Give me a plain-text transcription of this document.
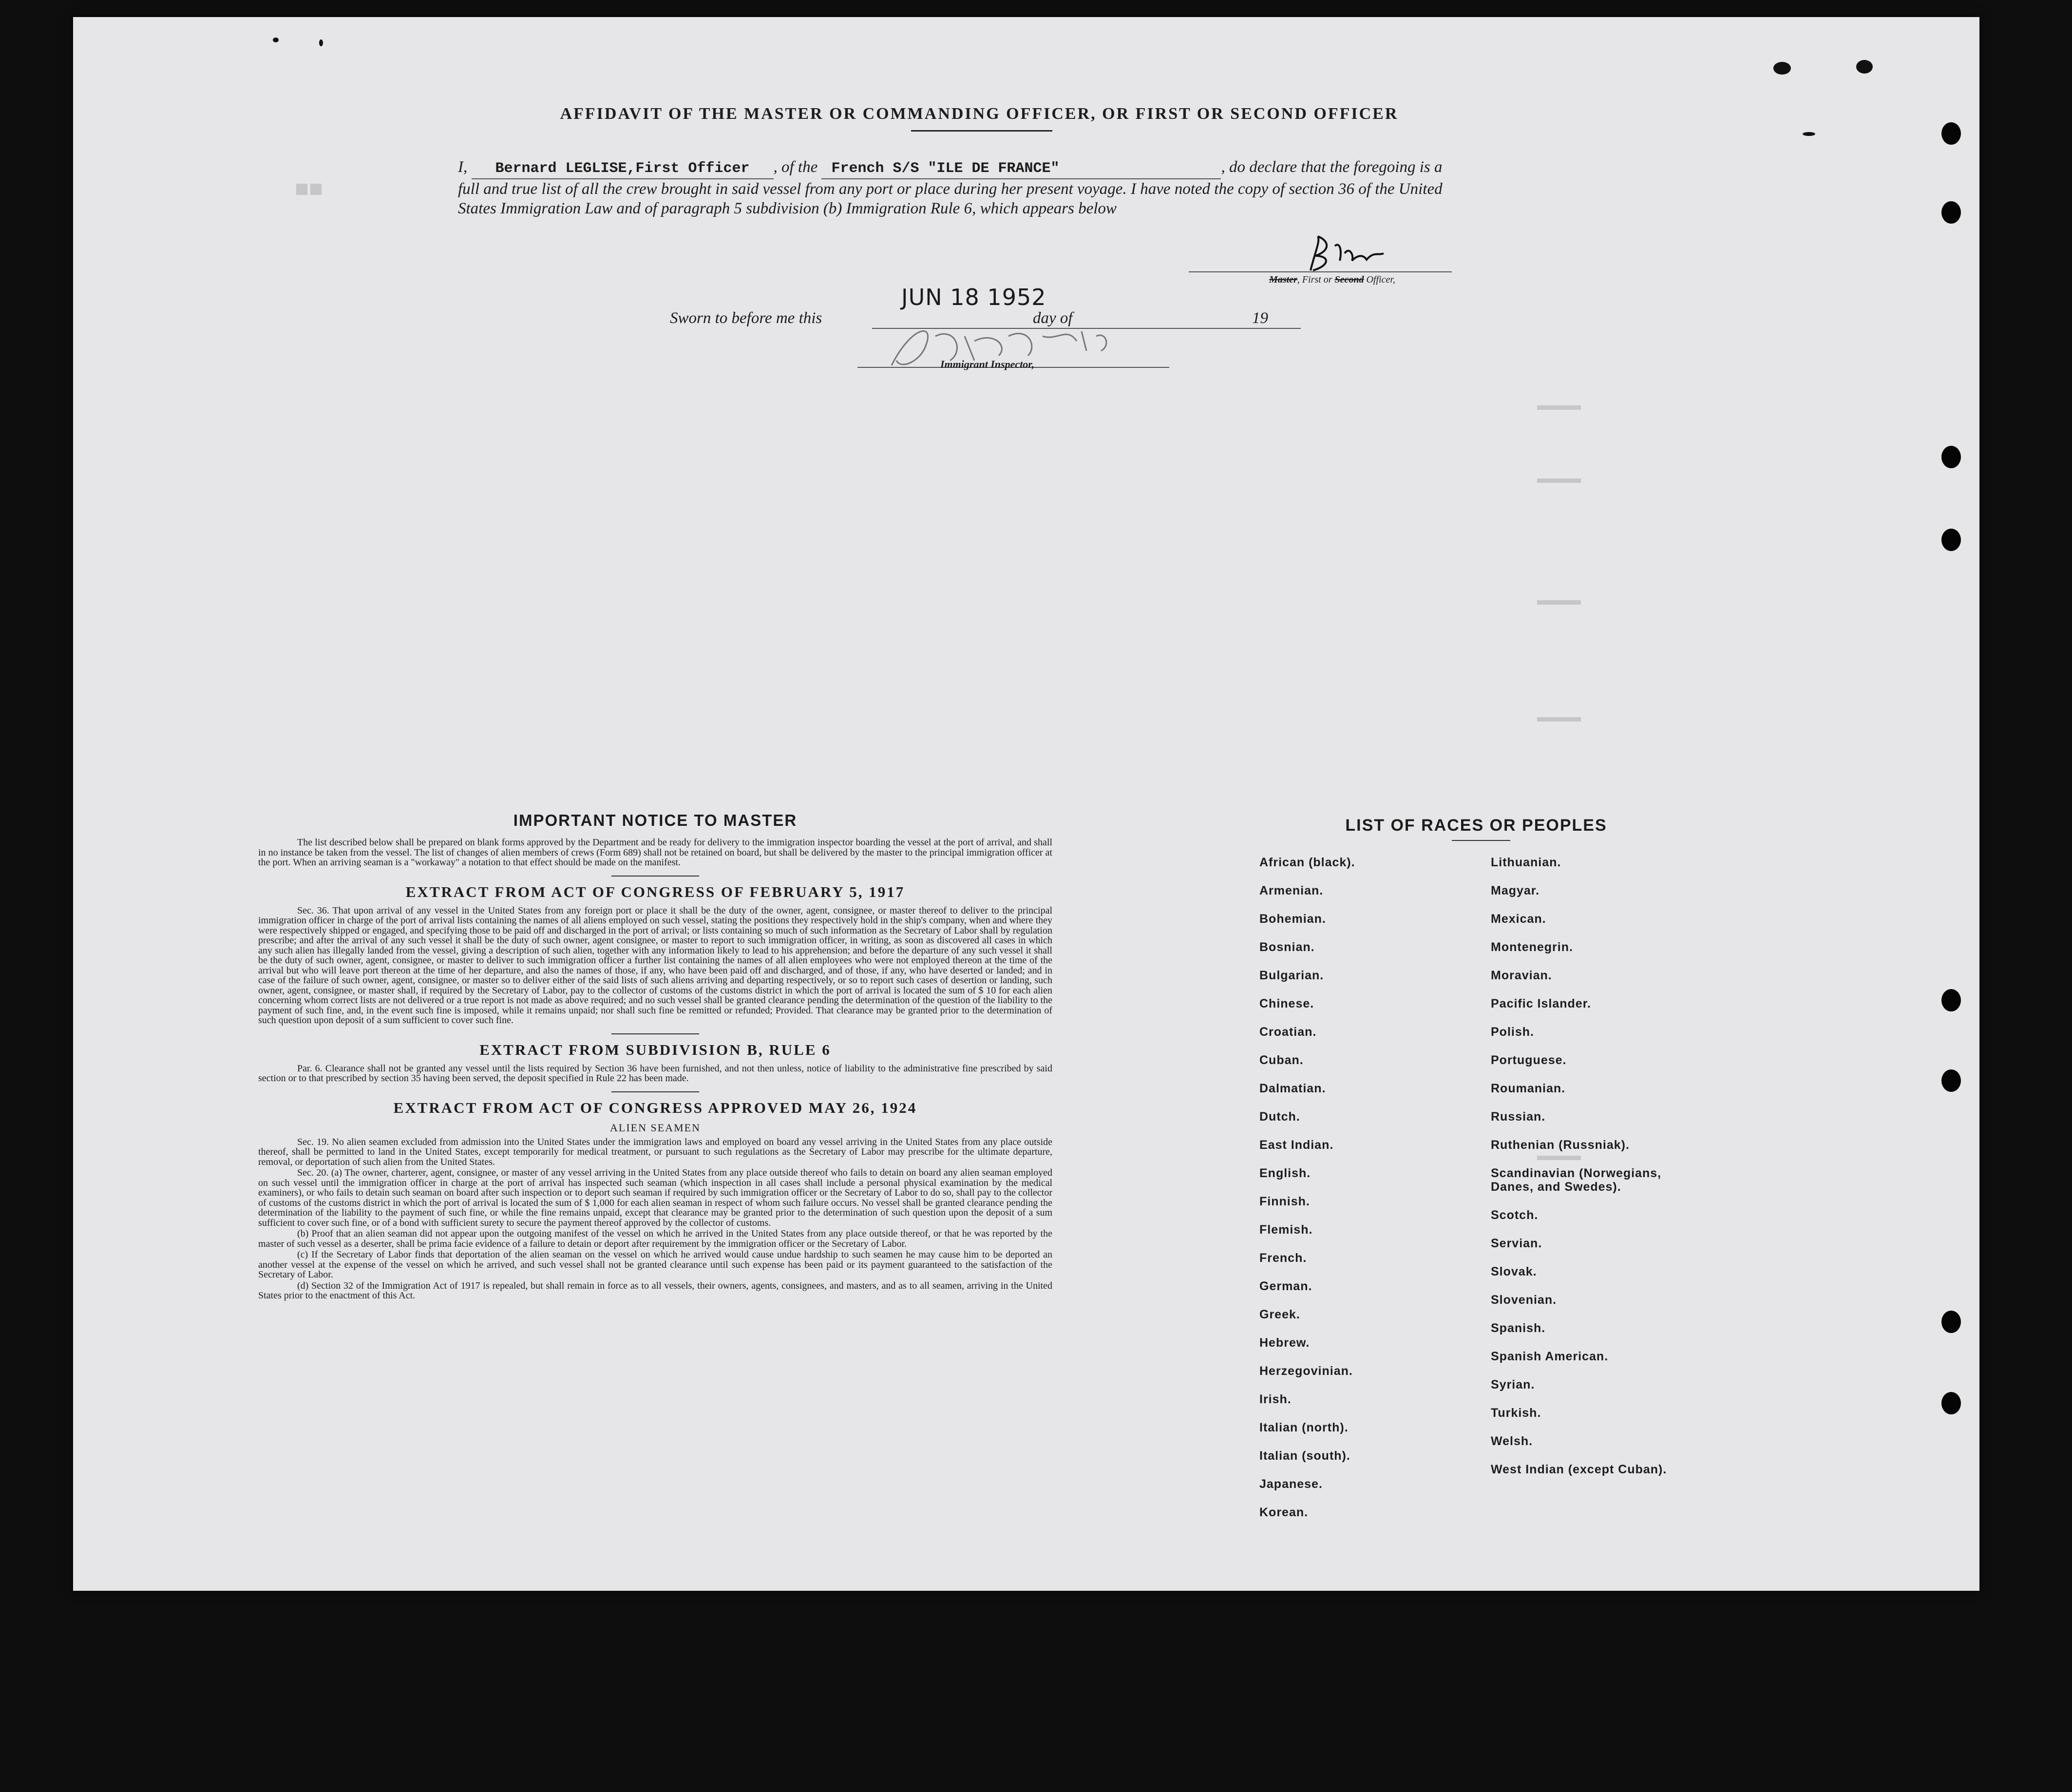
■■
▬▬▬
▬▬▬
▬▬▬
▬▬▬
▬▬▬
AFFIDAVIT OF THE MASTER OR COMMANDING OFFICER, OR FIRST OR SECOND OFFICER
I, Bernard LEGLISE,First Officer , of the French S/S "ILE DE FRANCE"	, do declare that the foregoing is a full and true list of all the crew brought in said vessel from any port or place during her present voyage. I have noted the copy of section 36 of the United States Immigration Law and of paragraph 5 subdivision (b) Immigration Rule 6, which appears below
Master, First or Second Officer,
JUN 18 1952
Sworn to before me this	day of	19
Immigrant Inspector,
IMPORTANT NOTICE TO MASTER

The list described below shall be prepared on blank forms approved by the Department and be ready for delivery to the immigration inspector boarding the vessel at the port of arrival, and shall in no instance be taken from the vessel. The list of changes of alien members of crews (Form 689) shall not be retained on board, but shall be delivered by the master to the principal immigration officer at the port. When an arriving seaman is a "workaway" a notation to that effect should be made on the manifest.

EXTRACT FROM ACT OF CONGRESS OF FEBRUARY 5, 1917

Sec. 36. That upon arrival of any vessel in the United States from any foreign port or place it shall be the duty of the owner, agent, consignee, or master thereof to deliver to the principal immigration officer in charge of the port of arrival lists containing the names of all aliens employed on such vessel, stating the positions they respectively hold in the ship's company, when and where they were respectively shipped or engaged, and specifying those to be paid off and discharged in the port of arrival; or lists containing so much of such information as the Secretary of Labor shall by regulation prescribe; and after the arrival of any such vessel it shall be the duty of such owner, agent consignee, or master to report to such immigration officer, in writing, as soon as discovered all cases in which any such alien has illegally landed from the vessel, giving a description of such alien, together with any information likely to lead to his apprehension; and before the departure of any such vessel it shall be the duty of such owner, agent, consignee, or master to deliver to such immigration officer a further list containing the names of all alien employees who were not employed thereon at the time of the arrival but who will leave port thereon at the time of her departure, and also the names of those, if any, who have been paid off and discharged, and of those, if any, who have deserted or landed; and in case of the failure of such owner, agent, consignee, or master so to deliver either of the said lists of such aliens arriving and departing respectively, or so to report such cases of desertion or landing, such owner, agent, consignee, or master shall, if required by the Secretary of Labor, pay to the collector of customs of the customs district in which the port of arrival is located the sum of $ 10 for each alien concerning whom correct lists are not delivered or a true report is not made as above required; and no such vessel shall be granted clearance pending the determination of the question of the liability to the payment of such fine, and, in the event such fine is imposed, while it remains unpaid; nor shall such fine be remitted or refunded; Provided. That clearance may be granted prior to the determination of such question upon deposit of a sum sufficient to cover such fine.

EXTRACT FROM SUBDIVISION B, RULE 6

Par. 6. Clearance shall not be granted any vessel until the lists required by Section 36 have been furnished, and not then unless, notice of liability to the administrative fine prescribed by said section or to that prescribed by section 35 having been served, the deposit specified in Rule 22 has been made.

EXTRACT FROM ACT OF CONGRESS APPROVED MAY 26, 1924
ALIEN SEAMEN

Sec. 19. No alien seamen excluded from admission into the United States under the immigration laws and employed on board any vessel arriving in the United States from any place outside thereof, shall be permitted to land in the United States, except temporarily for medical treatment, or pursuant to such regulations as the Secretary of Labor may prescribe for the ultimate departure, removal, or deportation of such alien from the United States.

Sec. 20. (a) The owner, charterer, agent, consignee, or master of any vessel arriving in the United States from any place outside thereof who fails to detain on board any alien seaman employed on such vessel until the immigration officer in charge at the port of arrival has inspected such seaman (which inspection in all cases shall include a personal physical examination by the medical examiners), or who fails to detain such seaman on board after such inspection or to deport such seaman if required by such immigration officer or the Secretary of Labor to do so, shall pay to the collector of customs of the customs district in which the port of arrival is located the sum of $ 1,000 for each alien seaman in respect of whom such failure occurs. No vessel shall be granted clearance pending the determination of the liability to the payment of such fine, or while the fine remains unpaid, except that clearance may be granted prior to the determination of such question upon the deposit of a sum sufficient to cover such fine, or of a bond with sufficient surety to secure the payment thereof approved by the collector of customs.

(b) Proof that an alien seaman did not appear upon the outgoing manifest of the vessel on which he arrived in the United States from any place outside thereof, or that he was reported by the master of such vessel as a deserter, shall be prima facie evidence of a failure to detain or deport after requirement by the immigration officer or the Secretary of Labor.

(c) If the Secretary of Labor finds that deportation of the alien seaman on the vessel on which he arrived would cause undue hardship to such seamen he may cause him to be deported an another vessel at the expense of the vessel on which he arrived, and such vessel shall not be granted clearance until such expense has been paid or its payment guaranteed to the satisfaction of the Secretary of Labor.

(d) Section 32 of the Immigration Act of 1917 is repealed, but shall remain in force as to all vessels, their owners, agents, consignees, and masters, and as to all seamen, arriving in the United States prior to the enactment of this Act.

LIST OF RACES OR PEOPLES
African (black).
Armenian.
Bohemian.
Bosnian.
Bulgarian.
Chinese.
Croatian.
Cuban.
Dalmatian.
Dutch.
East Indian.
English.
Finnish.
Flemish.
French.
German.
Greek.
Hebrew.
Herzegovinian.
Irish.
Italian (north).
Italian (south).
Japanese.
Korean.
Lithuanian.
Magyar.
Mexican.
Montenegrin.
Moravian.
Pacific Islander.
Polish.
Portuguese.
Roumanian.
Russian.
Ruthenian (Russniak).
Scandinavian (Norwegians, Danes, and Swedes).
Scotch.
Servian.
Slovak.
Slovenian.
Spanish.
Spanish American.
Syrian.
Turkish.
Welsh.
West Indian (except Cuban).
